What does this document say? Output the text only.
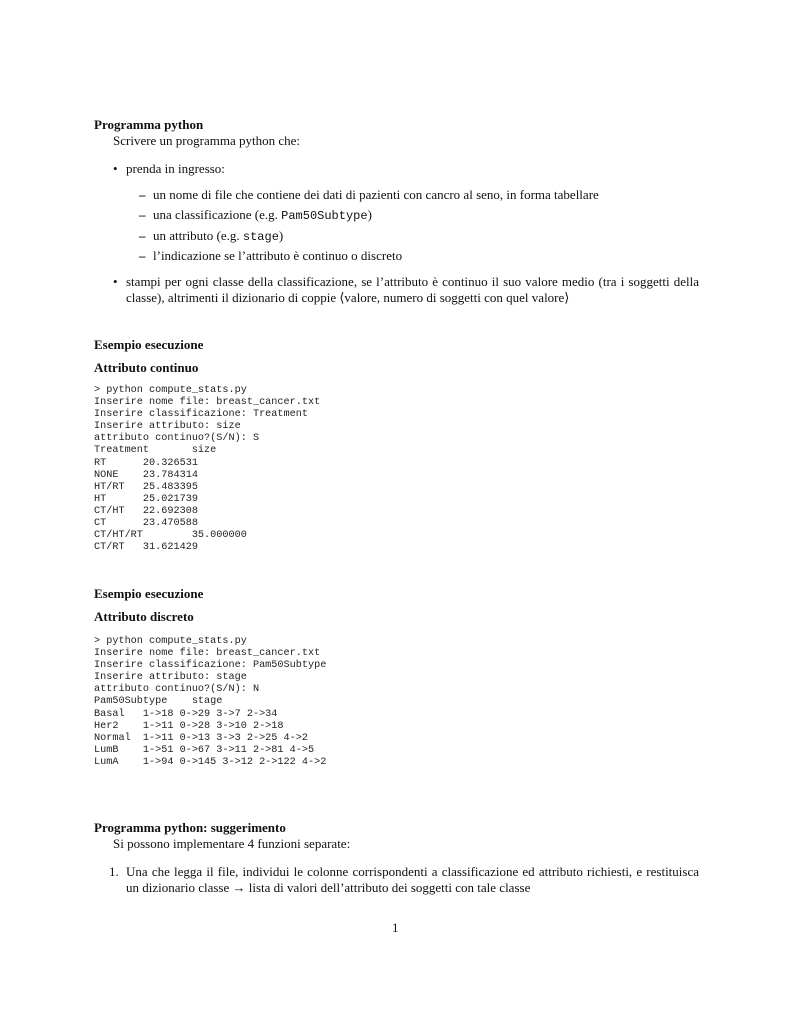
Programma python
Scrivere un programma python che:
• prenda in ingresso:
– un nome di file che contiene dei dati di pazienti con cancro al seno, in forma tabellare
– una classificazione (e.g. Pam50Subtype)
– un attributo (e.g. stage)
– l’indicazione se l’attributo è continuo o discreto
• stampi per ogni classe della classificazione, se l’attributo è continuo il suo valore medio (tra i soggetti della classe), altrimenti il dizionario di coppie ⟨valore, numero di soggetti con quel valore⟩
Esempio esecuzione
Attributo continuo
> python compute_stats.py
Inserire nome file: breast_cancer.txt
Inserire classificazione: Treatment
Inserire attributo: size
attributo continuo?(S/N): S
Treatment       size
RT      20.326531
NONE    23.784314
HT/RT   25.483395
HT      25.021739
CT/HT   22.692308
CT      23.470588
CT/HT/RT        35.000000
CT/RT   31.621429
Esempio esecuzione
Attributo discreto
> python compute_stats.py
Inserire nome file: breast_cancer.txt
Inserire classificazione: Pam50Subtype
Inserire attributo: stage
attributo continuo?(S/N): N
Pam50Subtype    stage
Basal   1->18 0->29 3->7 2->34
Her2    1->11 0->28 3->10 2->18
Normal  1->11 0->13 3->3 2->25 4->2
LumB    1->51 0->67 3->11 2->81 4->5
LumA    1->94 0->145 3->12 2->122 4->2
Programma python: suggerimento
Si possono implementare 4 funzioni separate:
1. Una che legga il file, individui le colonne corrispondenti a classificazione ed attributo richiesti, e restituisca un dizionario classe → lista di valori dell’attributo dei soggetti con tale classe
1
